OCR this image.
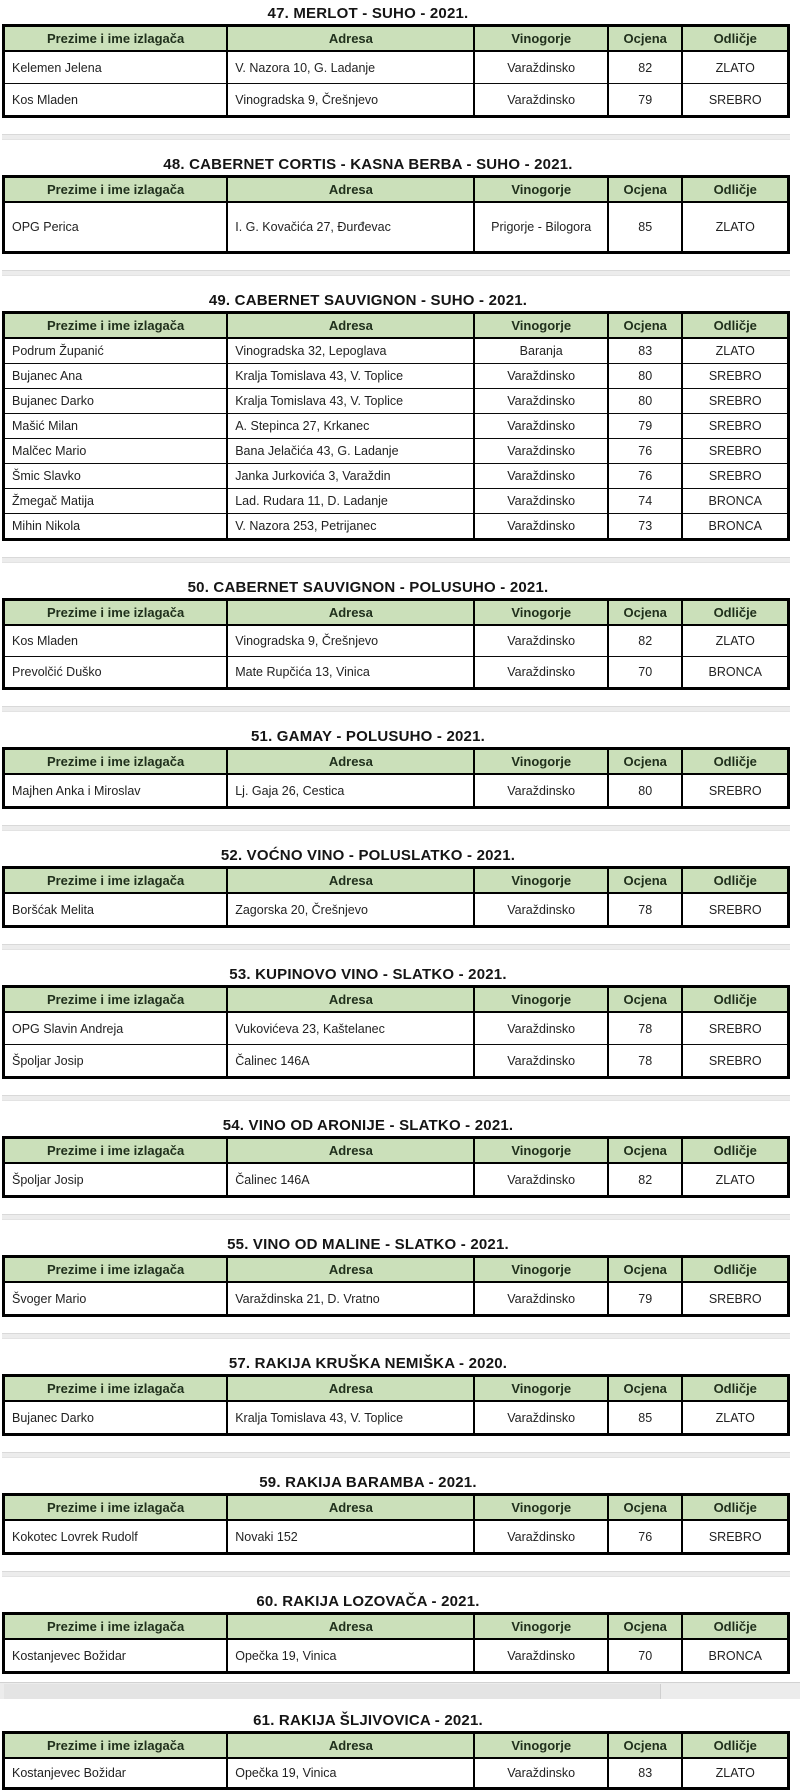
47. MERLOT - SUHO - 2021.
Prezime i ime izlagača	Adresa	Vinogorje	Ocjena	Odličje
Kelemen Jelena	V. Nazora 10, G. Ladanje	Varaždinsko	82	ZLATO
Kos Mladen	Vinogradska 9, Črešnjevo	Varaždinsko	79	SREBRO
48. CABERNET CORTIS - KASNA BERBA - SUHO - 2021.
Prezime i ime izlagača	Adresa	Vinogorje	Ocjena	Odličje
OPG Perica	I. G. Kovačića 27, Đurđevac	Prigorje - Bilogora	85	ZLATO
49. CABERNET SAUVIGNON - SUHO - 2021.
Prezime i ime izlagača	Adresa	Vinogorje	Ocjena	Odličje
Podrum Županić	Vinogradska 32, Lepoglava	Baranja	83	ZLATO
Bujanec Ana	Kralja Tomislava 43, V. Toplice	Varaždinsko	80	SREBRO
Bujanec Darko	Kralja Tomislava 43, V. Toplice	Varaždinsko	80	SREBRO
Mašić Milan	A. Stepinca 27, Krkanec	Varaždinsko	79	SREBRO
Malčec Mario	Bana Jelačića 43, G. Ladanje	Varaždinsko	76	SREBRO
Šmic Slavko	Janka Jurkovića 3, Varaždin	Varaždinsko	76	SREBRO
Žmegač Matija	Lad. Rudara 11, D. Ladanje	Varaždinsko	74	BRONCA
Mihin Nikola	V. Nazora 253, Petrijanec	Varaždinsko	73	BRONCA
50. CABERNET SAUVIGNON - POLUSUHO - 2021.
Prezime i ime izlagača	Adresa	Vinogorje	Ocjena	Odličje
Kos Mladen	Vinogradska 9, Črešnjevo	Varaždinsko	82	ZLATO
Prevolčić Duško	Mate Rupčića 13, Vinica	Varaždinsko	70	BRONCA
51. GAMAY - POLUSUHO - 2021.
Prezime i ime izlagača	Adresa	Vinogorje	Ocjena	Odličje
Majhen Anka i Miroslav	Lj. Gaja 26, Cestica	Varaždinsko	80	SREBRO
52. VOĆNO VINO - POLUSLATKO - 2021.
Prezime i ime izlagača	Adresa	Vinogorje	Ocjena	Odličje
Boršćak Melita	Zagorska 20, Črešnjevo	Varaždinsko	78	SREBRO
53. KUPINOVO VINO - SLATKO - 2021.
Prezime i ime izlagača	Adresa	Vinogorje	Ocjena	Odličje
OPG Slavin Andreja	Vukovićeva 23, Kaštelanec	Varaždinsko	78	SREBRO
Špoljar Josip	Čalinec 146A	Varaždinsko	78	SREBRO
54. VINO OD ARONIJE - SLATKO - 2021.
Prezime i ime izlagača	Adresa	Vinogorje	Ocjena	Odličje
Špoljar Josip	Čalinec 146A	Varaždinsko	82	ZLATO
55. VINO OD MALINE - SLATKO - 2021.
Prezime i ime izlagača	Adresa	Vinogorje	Ocjena	Odličje
Švoger Mario	Varaždinska 21, D. Vratno	Varaždinsko	79	SREBRO
57. RAKIJA KRUŠKA NEMIŠKA - 2020.
Prezime i ime izlagača	Adresa	Vinogorje	Ocjena	Odličje
Bujanec Darko	Kralja Tomislava 43, V. Toplice	Varaždinsko	85	ZLATO
59. RAKIJA BARAMBA - 2021.
Prezime i ime izlagača	Adresa	Vinogorje	Ocjena	Odličje
Kokotec Lovrek Rudolf	Novaki 152	Varaždinsko	76	SREBRO
60. RAKIJA LOZOVAČA - 2021.
Prezime i ime izlagača	Adresa	Vinogorje	Ocjena	Odličje
Kostanjevec Božidar	Opečka 19, Vinica	Varaždinsko	70	BRONCA
61. RAKIJA ŠLJIVOVICA - 2021.
Prezime i ime izlagača	Adresa	Vinogorje	Ocjena	Odličje
Kostanjevec Božidar	Opečka 19, Vinica	Varaždinsko	83	ZLATO
